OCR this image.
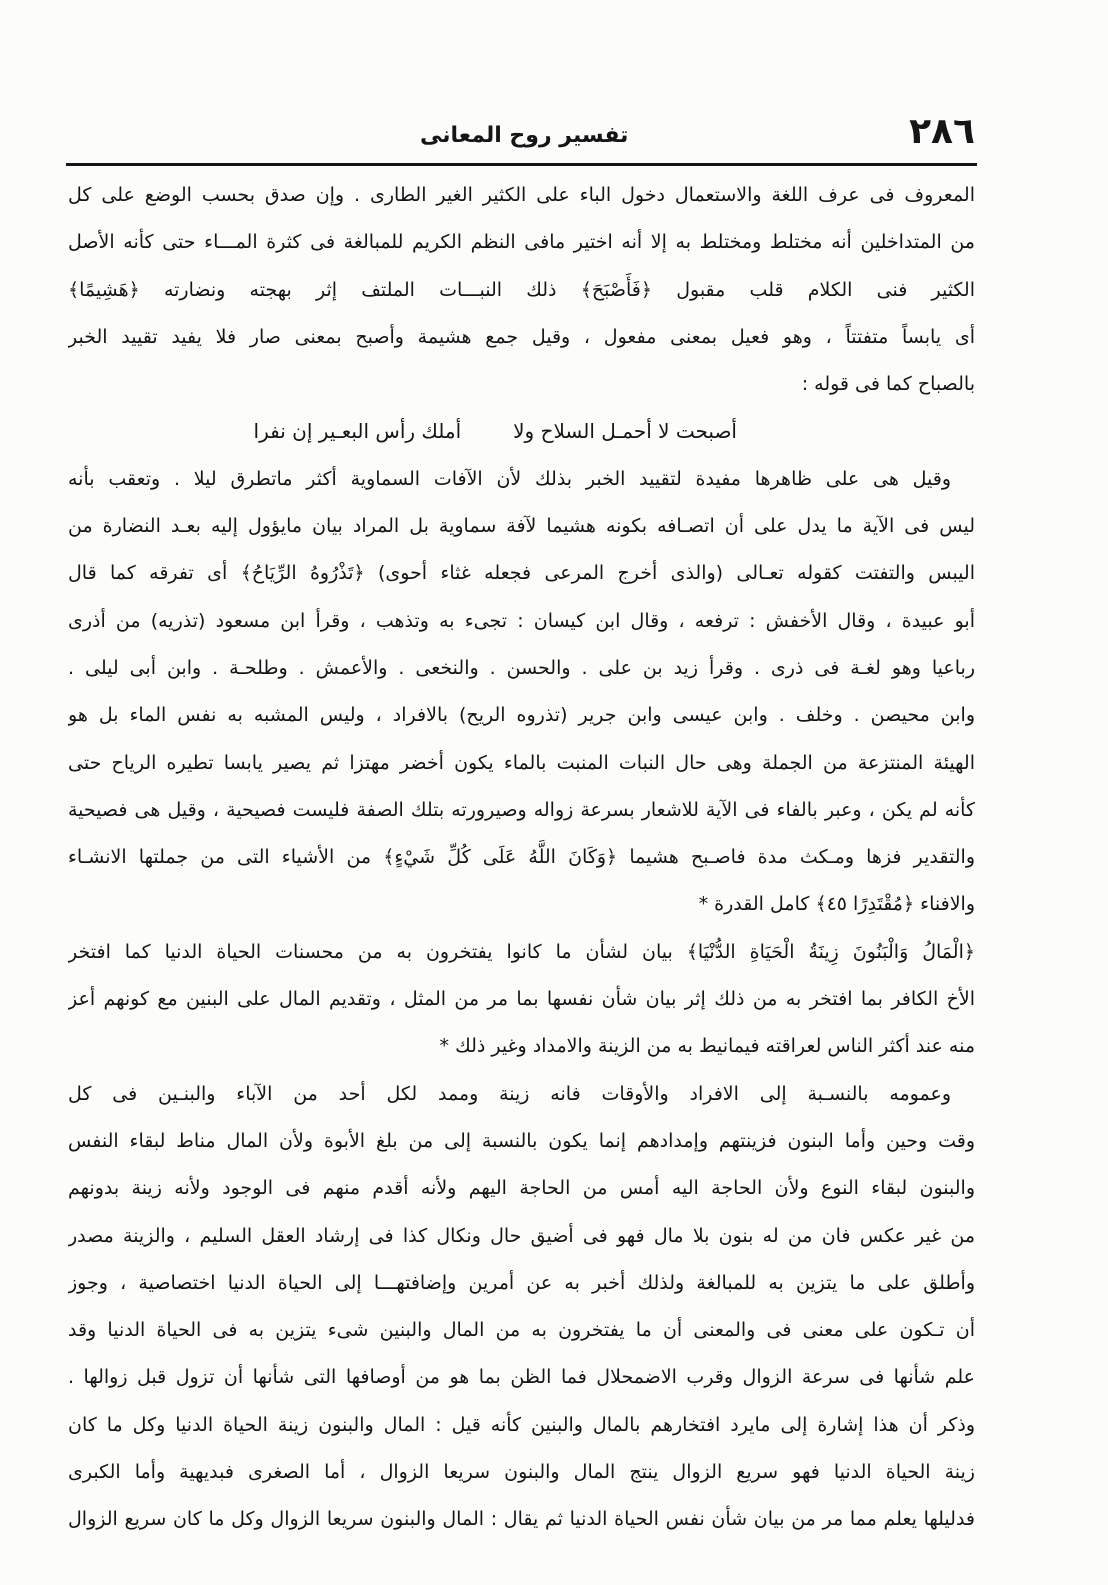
٢٨٦
تفسير روح المعانى
المعروف فى عرف اللغة والاستعمال دخول الباء على الكثير الغير الطارى . وإن صدق بحسب الوضع على كل
من المتداخلين أنه مختلط ومختلط به إلا أنه اختير مافى النظم الكريم للمبالغة فى كثرة المـــاء حتى كأنه الأصل
الكثير فنى الكلام قلب مقبول ﴿فَأَصْبَحَ﴾ ذلك النبـــات الملتف إثر بهجته ونضارته ﴿هَشِيمًا﴾
أى يابساً متفتتاً ، وهو فعيل بمعنى مفعول ، وقيل جمع هشيمة وأصبح بمعنى صار فلا يفيد تقييد الخبر
بالصباح كما فى قوله :
أصبحت لا أحمـل السلاح ولا
أملك رأس البعـير إن نفرا
وقيل هى على ظاهرها مفيدة لتقييد الخبر بذلك لأن الآفات السماوية أكثر ماتطرق ليلا . وتعقب بأنه
ليس فى الآية ما يدل على أن اتصـافه بكونه هشيما لآفة سماوية بل المراد بيان مايؤول إليه بعـد النضارة من
اليبس والتفتت كقوله تعـالى (والذى أخرج المرعى فجعله غثاء أحوى) ﴿تَذْرُوهُ الرِّيَاحُ﴾ أى تفرقه كما قال
أبو عبيدة ، وقال الأخفش : ترفعه ، وقال ابن كيسان : تجىء به وتذهب ، وقرأ ابن مسعود (تذريه) من أذرى
رباعيا وهو لغـة فى ذرى . وقرأ زيد بن على . والحسن . والنخعى . والأعمش . وطلحـة . وابن أبى ليلى .
وابن محيصن . وخلف . وابن عيسى وابن جرير (تذروه الريح) بالافراد ، وليس المشبه به نفس الماء بل هو
الهيئة المنتزعة من الجملة وهى حال النبات المنبت بالماء يكون أخضر مهتزا ثم يصير يابسا تطيره الرياح حتى
كأنه لم يكن ، وعبر بالفاء فى الآية للاشعار بسرعة زواله وصيرورته بتلك الصفة فليست فصيحية ، وقيل هى فصيحية
والتقدير فزها ومـكث مدة فاصـبح هشيما ﴿وَكَانَ اللَّهُ عَلَى كُلِّ شَيْءٍ﴾ من الأشياء التى من جملتها الانشـاء
والافناء ﴿مُقْتَدِرًا ٤٥﴾ كامل القدرة *
﴿الْمَالُ وَالْبَنُونَ زِينَةُ الْحَيَاةِ الدُّنْيَا﴾ بيان لشأن ما كانوا يفتخرون به من محسنات الحياة الدنيا كما افتخر
الأخ الكافر بما افتخر به من ذلك إثر بيان شأن نفسها بما مر من المثل ، وتقديم المال على البنين مع كونهم أعز
منه عند أكثر الناس لعراقته فيمانيط به من الزينة والامداد وغير ذلك *
وعمومه بالنسـبة إلى الافراد والأوقات فانه زينة وممد لكل أحد من الآباء والبنـين فى كل
وقت وحين وأما البنون فزينتهم وإمدادهم إنما يكون بالنسبة إلى من بلغ الأبوة ولأن المال مناط لبقاء النفس
والبنون لبقاء النوع ولأن الحاجة اليه أمس من الحاجة اليهم ولأنه أقدم منهم فى الوجود ولأنه زينة بدونهم
من غير عكس فان من له بنون بلا مال فهو فى أضيق حال ونكال كذا فى إرشاد العقل السليم ، والزينة مصدر
وأطلق على ما يتزين به للمبالغة ولذلك أخبر به عن أمرين وإضافتهـــا إلى الحياة الدنيا اختصاصية ، وجوز
أن تـكون على معنى فى والمعنى أن ما يفتخرون به من المال والبنين شىء يتزين به فى الحياة الدنيا وقد
علم شأنها فى سرعة الزوال وقرب الاضمحلال فما الظن بما هو من أوصافها التى شأنها أن تزول قبل زوالها .
وذكر أن هذا إشارة إلى مايرد افتخارهم بالمال والبنين كأنه قيل : المال والبنون زينة الحياة الدنيا وكل ما كان
زينة الحياة الدنيا فهو سريع الزوال ينتج المال والبنون سريعا الزوال ، أما الصغرى فبديهية وأما الكبرى
فدليلها يعلم مما مر من بيان شأن نفس الحياة الدنيا ثم يقال : المال والبنون سريعا الزوال وكل ما كان سريع الزوال
